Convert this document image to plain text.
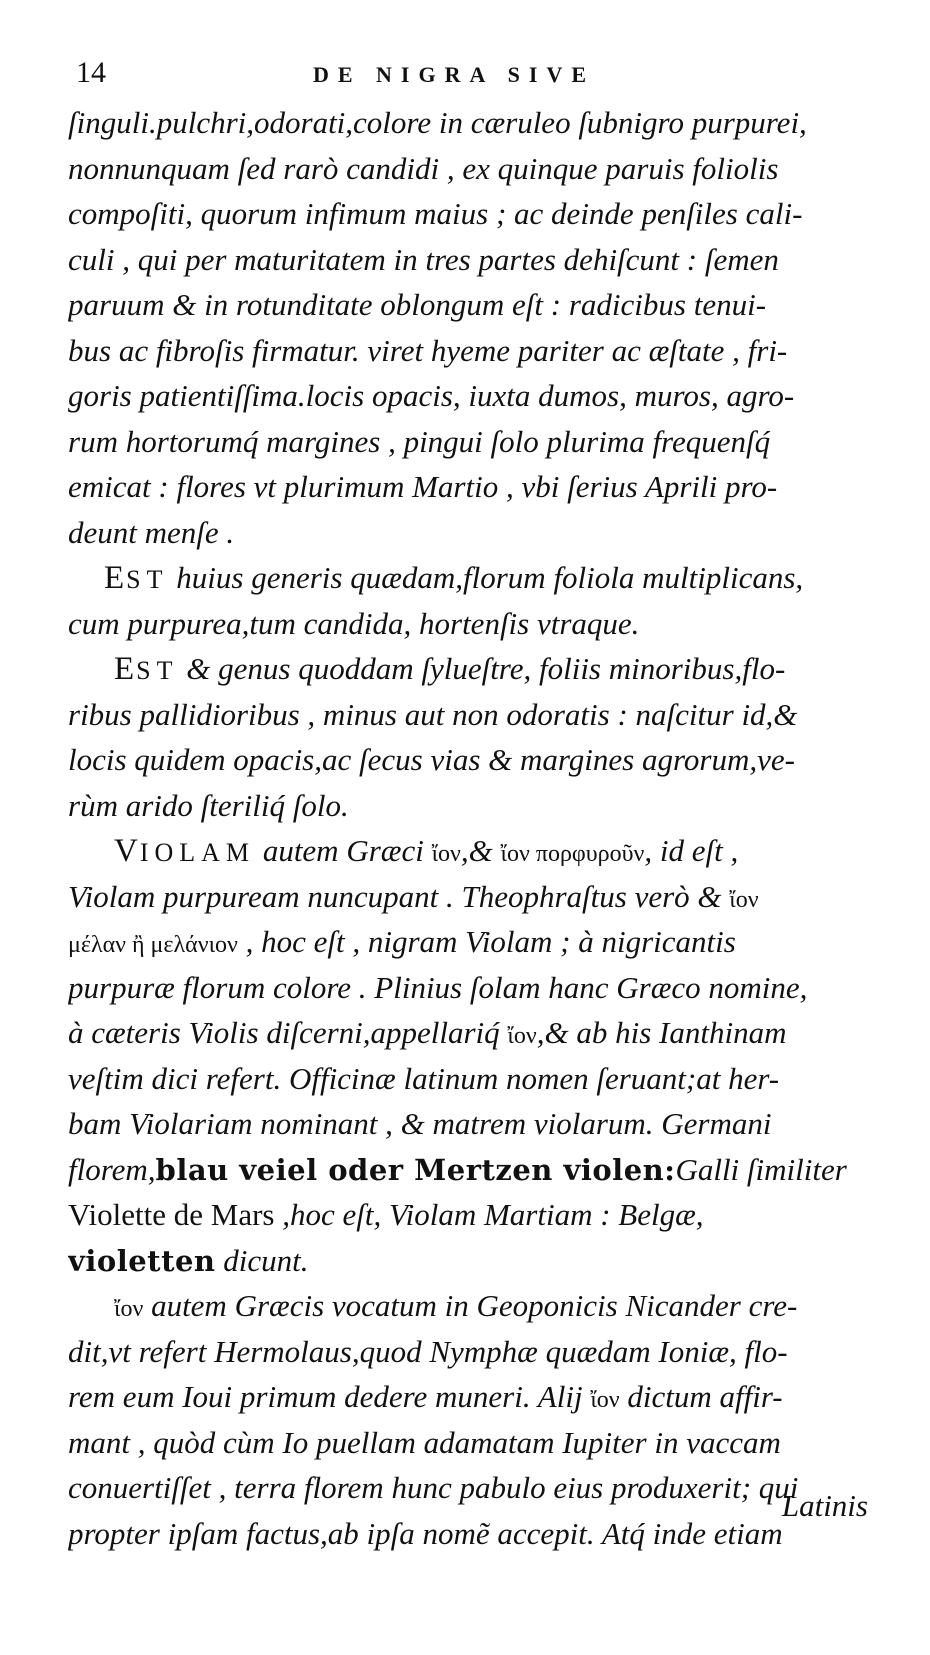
14	DE NIGRA SIVE
ſinguli.pulchri,odorati,colore in cæruleo ſubnigro purpurei,
nonnunquam ſed rarò candidi , ex quinque paruis foliolis
compoſiti, quorum infimum maius ; ac deinde penſiles cali-
culi , qui per maturitatem in tres partes dehiſcunt : ſemen
paruum & in rotunditate oblongum eſt : radicibus tenui-
bus ac fibroſis firmatur. viret hyeme pariter ac æſtate , fri-
goris patientiſſima.locis opacis, iuxta dumos, muros, agro-
rum hortorumq́ margines , pingui ſolo plurima frequenſq́
emicat : flores vt plurimum Martio , vbi ſerius Aprili pro-
deunt menſe .
EST huius generis quædam,florum foliola multiplicans,
cum purpurea,tum candida, hortenſis vtraque.
EST & genus quoddam ſylueſtre, foliis minoribus,flo-
ribus pallidioribus , minus aut non odoratis : naſcitur id,&
locis quidem opacis,ac ſecus vias & margines agrorum,ve-
rùm arido ſteriliq́ ſolo.
VIOLAM autem Græci ἴον,& ἴον πορφυροῦν, id eſt ,
Violam purpuream nuncupant . Theophraſtus verò & ἴον
μέλαν ἢ μελάνιον , hoc eſt , nigram Violam ; à nigricantis
purpuræ florum colore . Plinius ſolam hanc Græco nomine,
à cæteris Violis diſcerni,appellariq́ ἴον,& ab his Ianthinam
veſtim dici refert. Officinæ latinum nomen ſeruant;at her-
bam Violariam nominant , & matrem violarum. Germani
florem,blau veiel oder Mertzen violen:Galli ſimiliter
Violette de Mars ,hoc eſt, Violam Martiam : Belgæ,
violetten dicunt.
ἴον autem Græcis vocatum in Geoponicis Nicander cre-
dit,vt refert Hermolaus,quod Nymphæ quædam Ioniæ, flo-
rem eum Ioui primum dedere muneri. Alij ἴον dictum affir-
mant , quòd cùm Io puellam adamatam Iupiter in vaccam
conuertiſſet , terra florem hunc pabulo eius produxerit; qui
propter ipſam factus,ab ipſa nomẽ accepit. Atq́ inde etiam
Latinis
